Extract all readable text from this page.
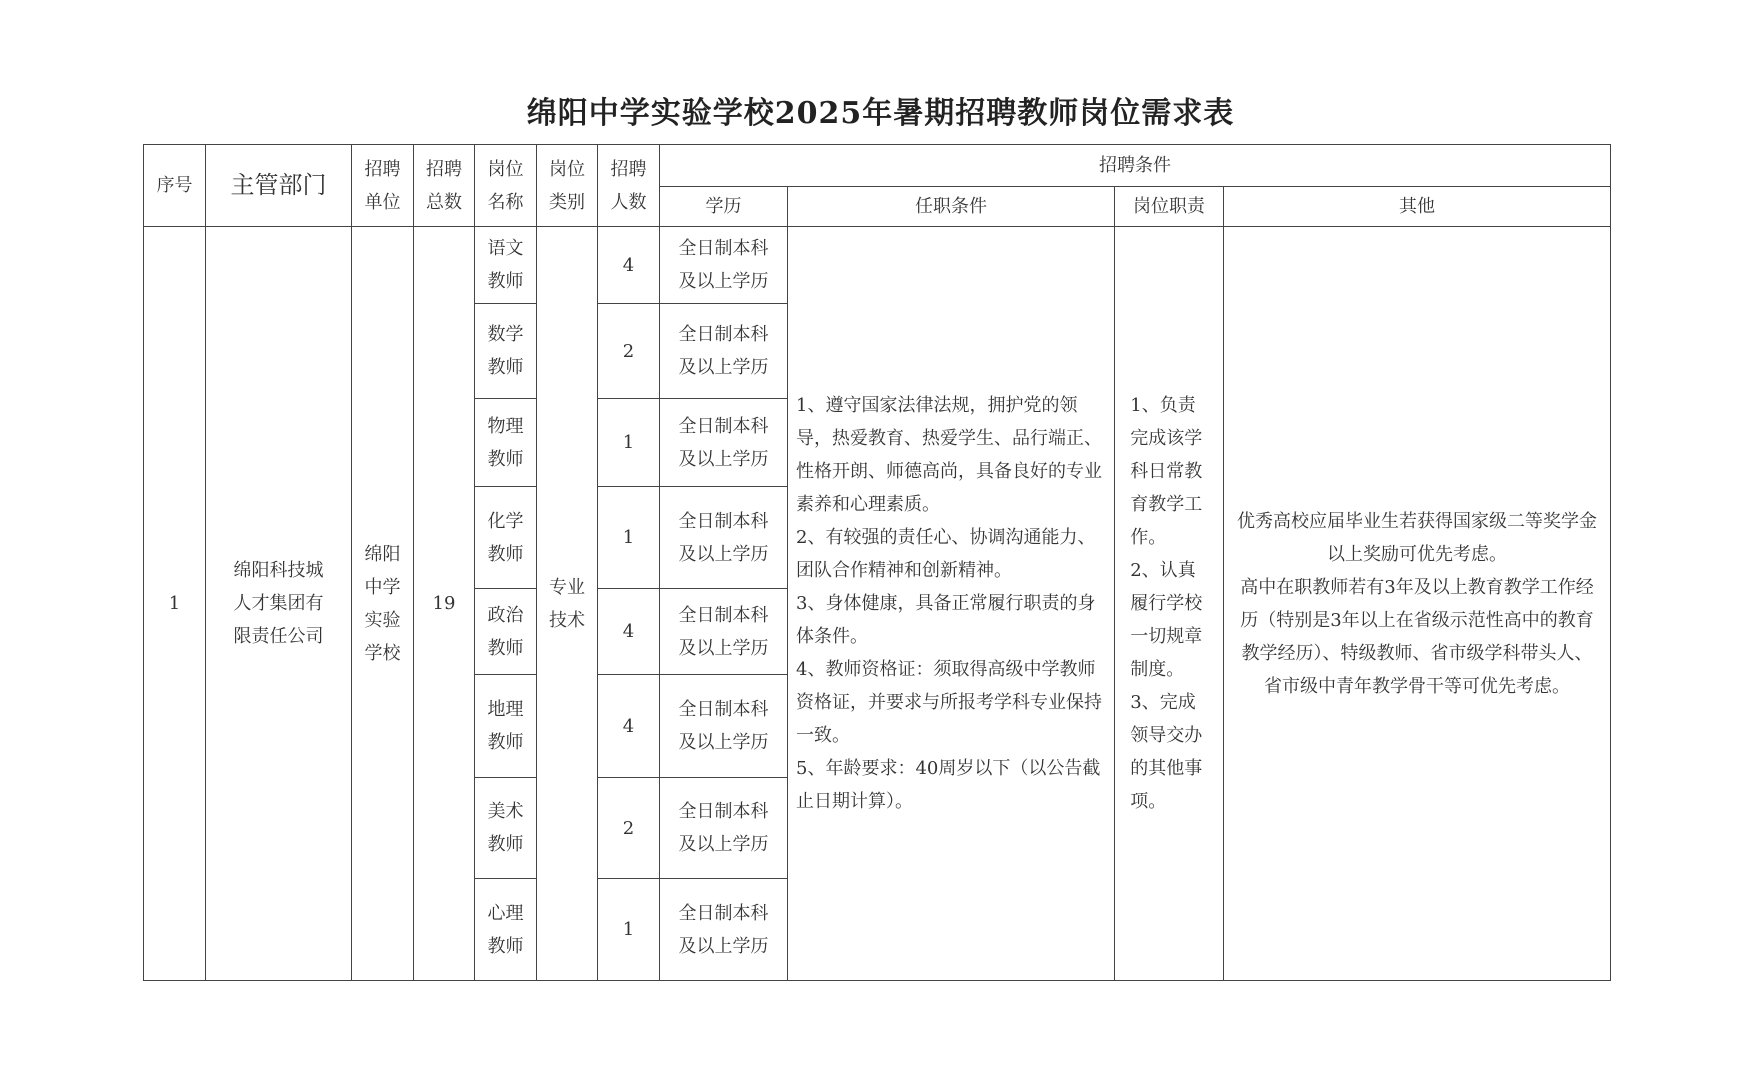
绵阳中学实验学校2025年暑期招聘教师岗位需求表
序号	主管部门	招聘单位	招聘总数	岗位名称	岗位类别	招聘人数	招聘条件			
							学历	任职条件	岗位职责	其他
1	绵阳科技城人才集团有限责任公司	绵阳中学实验学校	19	语文教师	专业技术	4	全日制本科及以上学历	1、遵守国家法律法规，拥护党的领导，热爱教育、热爱学生、品行端正、性格开朗、师德高尚，具备良好的专业素养和心理素质。
2、有较强的责任心、协调沟通能力、团队合作精神和创新精神。
3、身体健康，具备正常履行职责的身体条件。
4、教师资格证：须取得高级中学教师资格证，并要求与所报考学科专业保持一致。
5、年龄要求：40周岁以下（以公告截止日期计算）。	1、负责完成该学科日常教育教学工作。
2、认真履行学校一切规章制度。3、完成领导交办的其他事项。	优秀高校应届毕业生若获得国家级二等奖学金以上奖励可优先考虑。
高中在职教师若有3年及以上教育教学工作经历（特别是3年以上在省级示范性高中的教育教学经历）、特级教师、省市级学科带头人、省市级中青年教学骨干等可优先考虑。

				数学教师		2	全日制本科及以上学历			
				物理教师		1	全日制本科及以上学历			
				化学教师		1	全日制本科及以上学历			
				政治教师		4	全日制本科及以上学历			
				地理教师		4	全日制本科及以上学历			
				美术教师		2	全日制本科及以上学历			
				心理教师		1	全日制本科及以上学历			
